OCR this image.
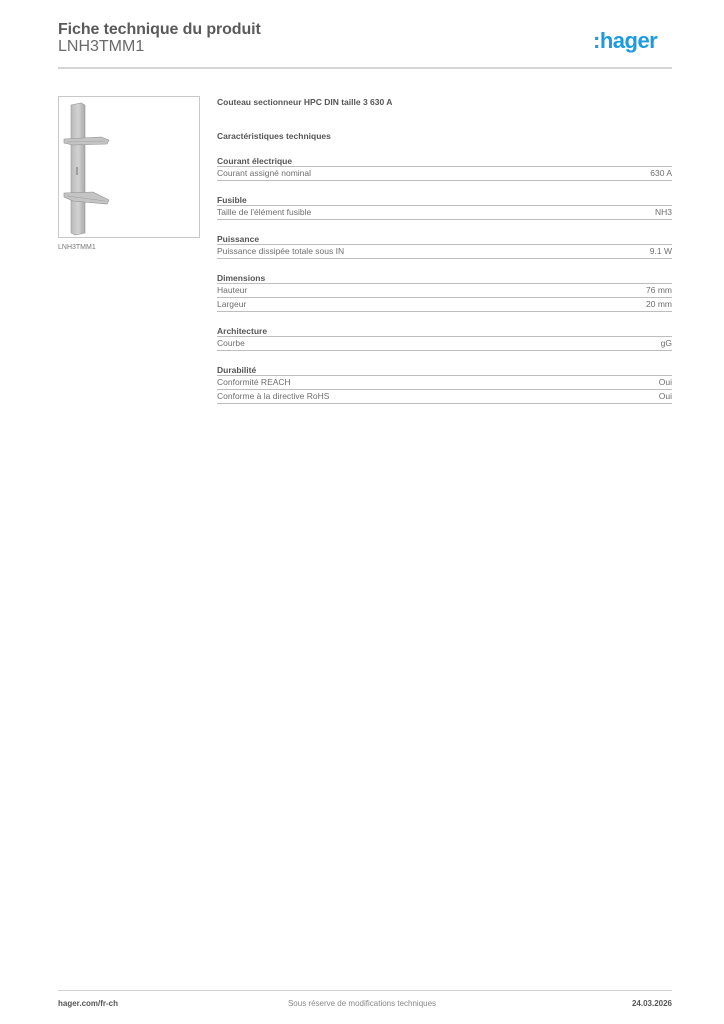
Fiche technique du produit
LNH3TMM1	:hager
LNH3TMM1
Couteau sectionneur HPC DIN taille 3 630 A
Caractéristiques techniques
Courant électrique
Courant assigné nominal	630 A
Fusible
Taille de l'élément fusible	NH3
Puissance
Puissance dissipée totale sous IN	9.1 W
Dimensions
Hauteur	76 mm
Largeur	20 mm
Architecture
Courbe	gG
Durabilité
Conformité REACH	Oui
Conforme à la directive RoHS	Oui
hager.com/fr-ch	Sous réserve de modifications techniques	24.03.2026
